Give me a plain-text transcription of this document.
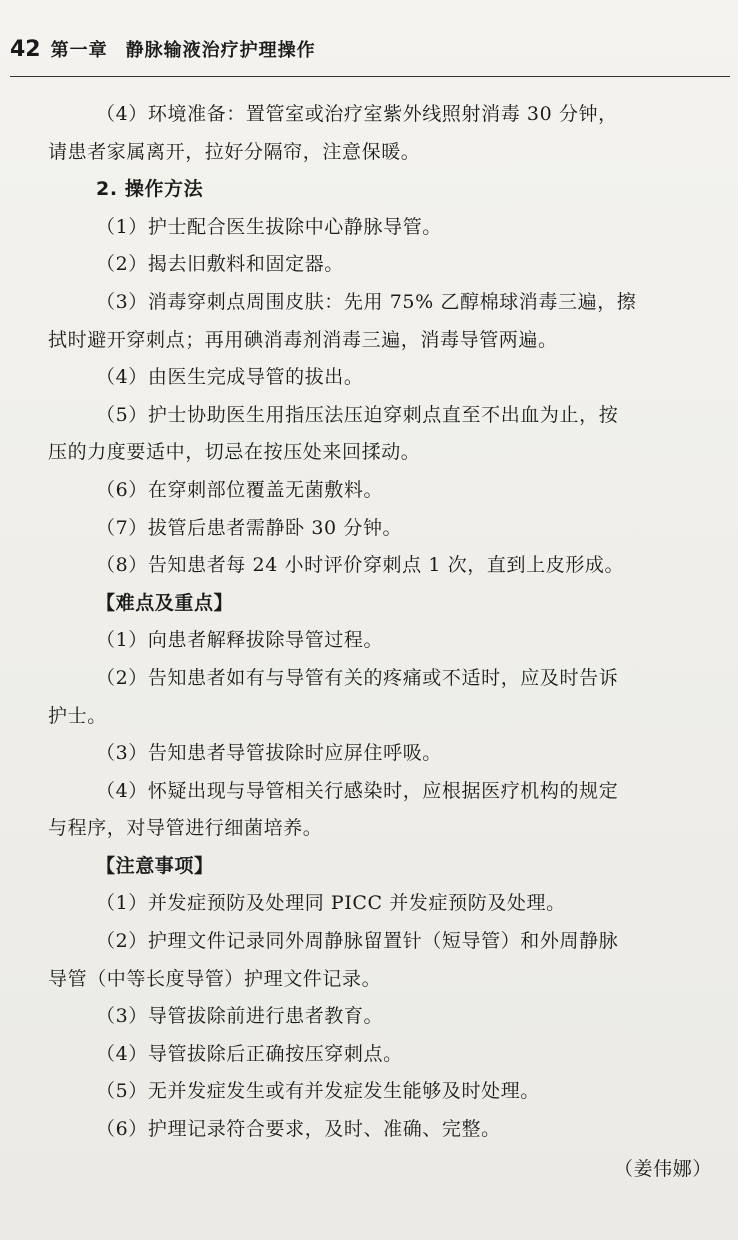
42 第一章 静脉输液治疗护理操作
（4）环境准备：置管室或治疗室紫外线照射消毒 30 分钟，
请患者家属离开，拉好分隔帘，注意保暖。
2. 操作方法
（1）护士配合医生拔除中心静脉导管。
（2）揭去旧敷料和固定器。
（3）消毒穿刺点周围皮肤：先用 75% 乙醇棉球消毒三遍，擦
拭时避开穿刺点；再用碘消毒剂消毒三遍，消毒导管两遍。
（4）由医生完成导管的拔出。
（5）护士协助医生用指压法压迫穿刺点直至不出血为止，按
压的力度要适中，切忌在按压处来回揉动。
（6）在穿刺部位覆盖无菌敷料。
（7）拔管后患者需静卧 30 分钟。
（8）告知患者每 24 小时评价穿刺点 1 次，直到上皮形成。
【难点及重点】
（1）向患者解释拔除导管过程。
（2）告知患者如有与导管有关的疼痛或不适时，应及时告诉
护士。
（3）告知患者导管拔除时应屏住呼吸。
（4）怀疑出现与导管相关行感染时，应根据医疗机构的规定
与程序，对导管进行细菌培养。
【注意事项】
（1）并发症预防及处理同 PICC 并发症预防及处理。
（2）护理文件记录同外周静脉留置针（短导管）和外周静脉
导管（中等长度导管）护理文件记录。
（3）导管拔除前进行患者教育。
（4）导管拔除后正确按压穿刺点。
（5）无并发症发生或有并发症发生能够及时处理。
（6）护理记录符合要求，及时、准确、完整。
（姜伟娜）
